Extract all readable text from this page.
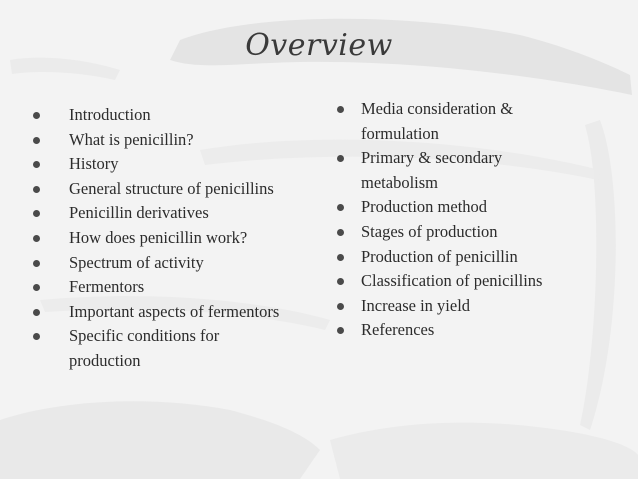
Overview
Introduction
What is penicillin?
History
General structure of penicillins
Penicillin derivatives
How does penicillin work?
Spectrum of activity
Fermentors
Important aspects of fermentors
Specific conditions for production
Media consideration & formulation
Primary & secondary metabolism
Production method
Stages of production
Production of penicillin
Classification of penicillins
Increase in yield
References
